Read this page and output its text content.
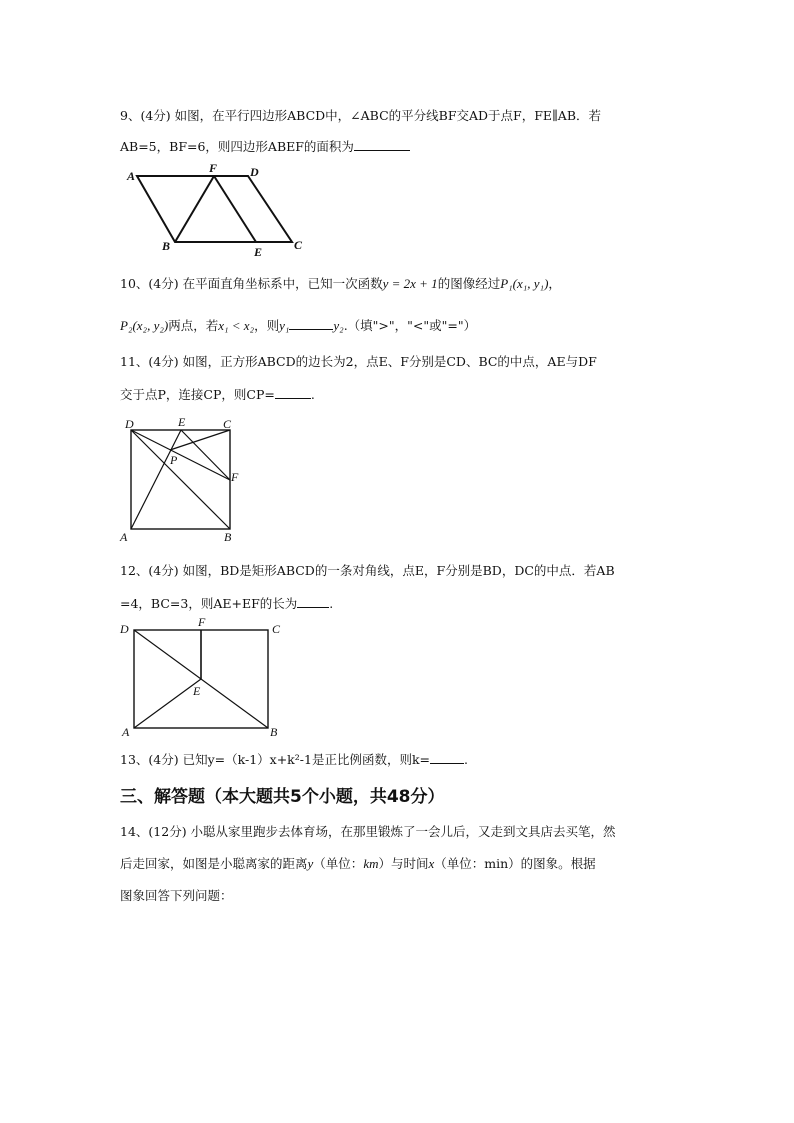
9、(4分) 如图，在平行四边形ABCD中，∠ABC的平分线BF交AD于点F，FE∥AB．若
AB=5，BF=6，则四边形ABEF的面积为
A
F	D
B	E	C
10、(4分) 在平面直角坐标系中，已知一次函数y = 2x + 1的图像经过P₁(x₁, y₁)，
P₂(x₂, y₂)两点，若x₁ < x₂，则y₁	y₂.（填">"，"<"或"="）
11、(4分) 如图，正方形ABCD的边长为2，点E、F分别是CD、BC的中点，AE与DF
交于点P，连接CP，则CP=	.
D	E	C
P
F
A	B
12、(4分) 如图，BD是矩形ABCD的一条对角线，点E，F分别是BD，DC的中点．若AB
=4，BC=3，则AE+EF的长为	.
D	F	C
E
A	B
13、(4分) 已知y=（k-1）x+k²-1是正比例函数，则k=	.
三、解答题（本大题共5个小题，共48分）
14、(12分) 小聪从家里跑步去体育场，在那里锻炼了一会儿后，又走到文具店去买笔，然
后走回家，如图是小聪离家的距离y（单位：km）与时间x（单位：min）的图象。根据
图象回答下列问题：
